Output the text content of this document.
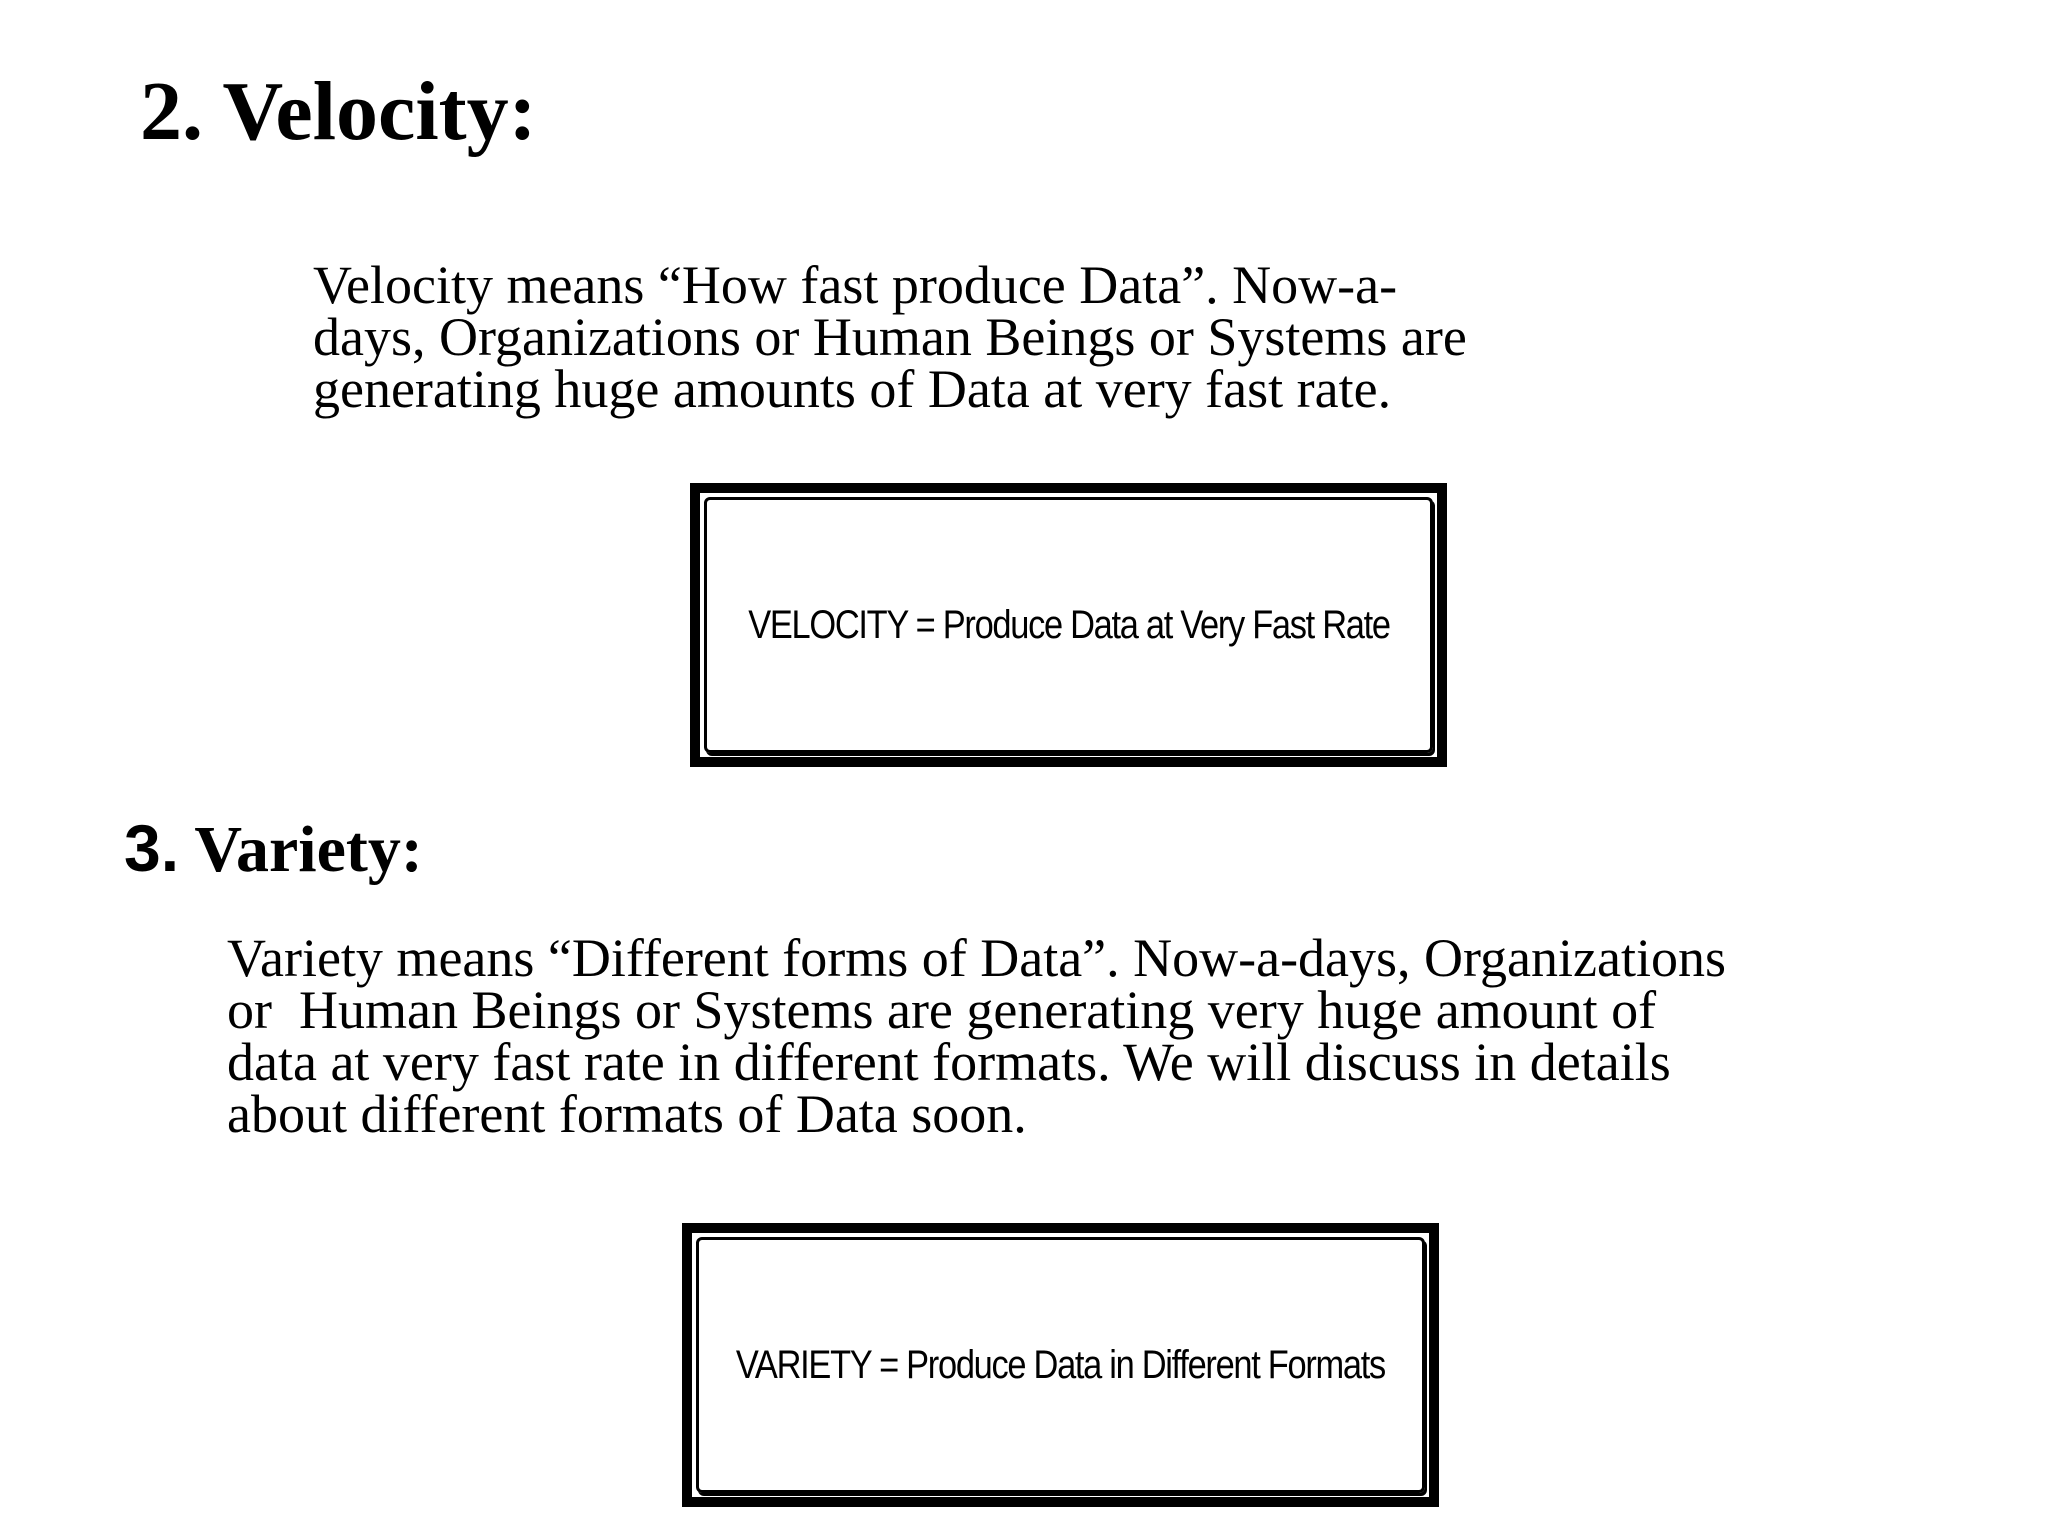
2. Velocity:

Velocity means “How fast produce Data”. Now-a-
days, Organizations or Human Beings or Systems are
generating huge amounts of Data at very fast rate.

VELOCITY = Produce Data at Very Fast Rate
3. Variety:

Variety means “Different forms of Data”. Now-a-days, Organizations
or  Human Beings or Systems are generating very huge amount of
data at very fast rate in different formats. We will discuss in details
about different formats of Data soon.

VARIETY = Produce Data in Different Formats
